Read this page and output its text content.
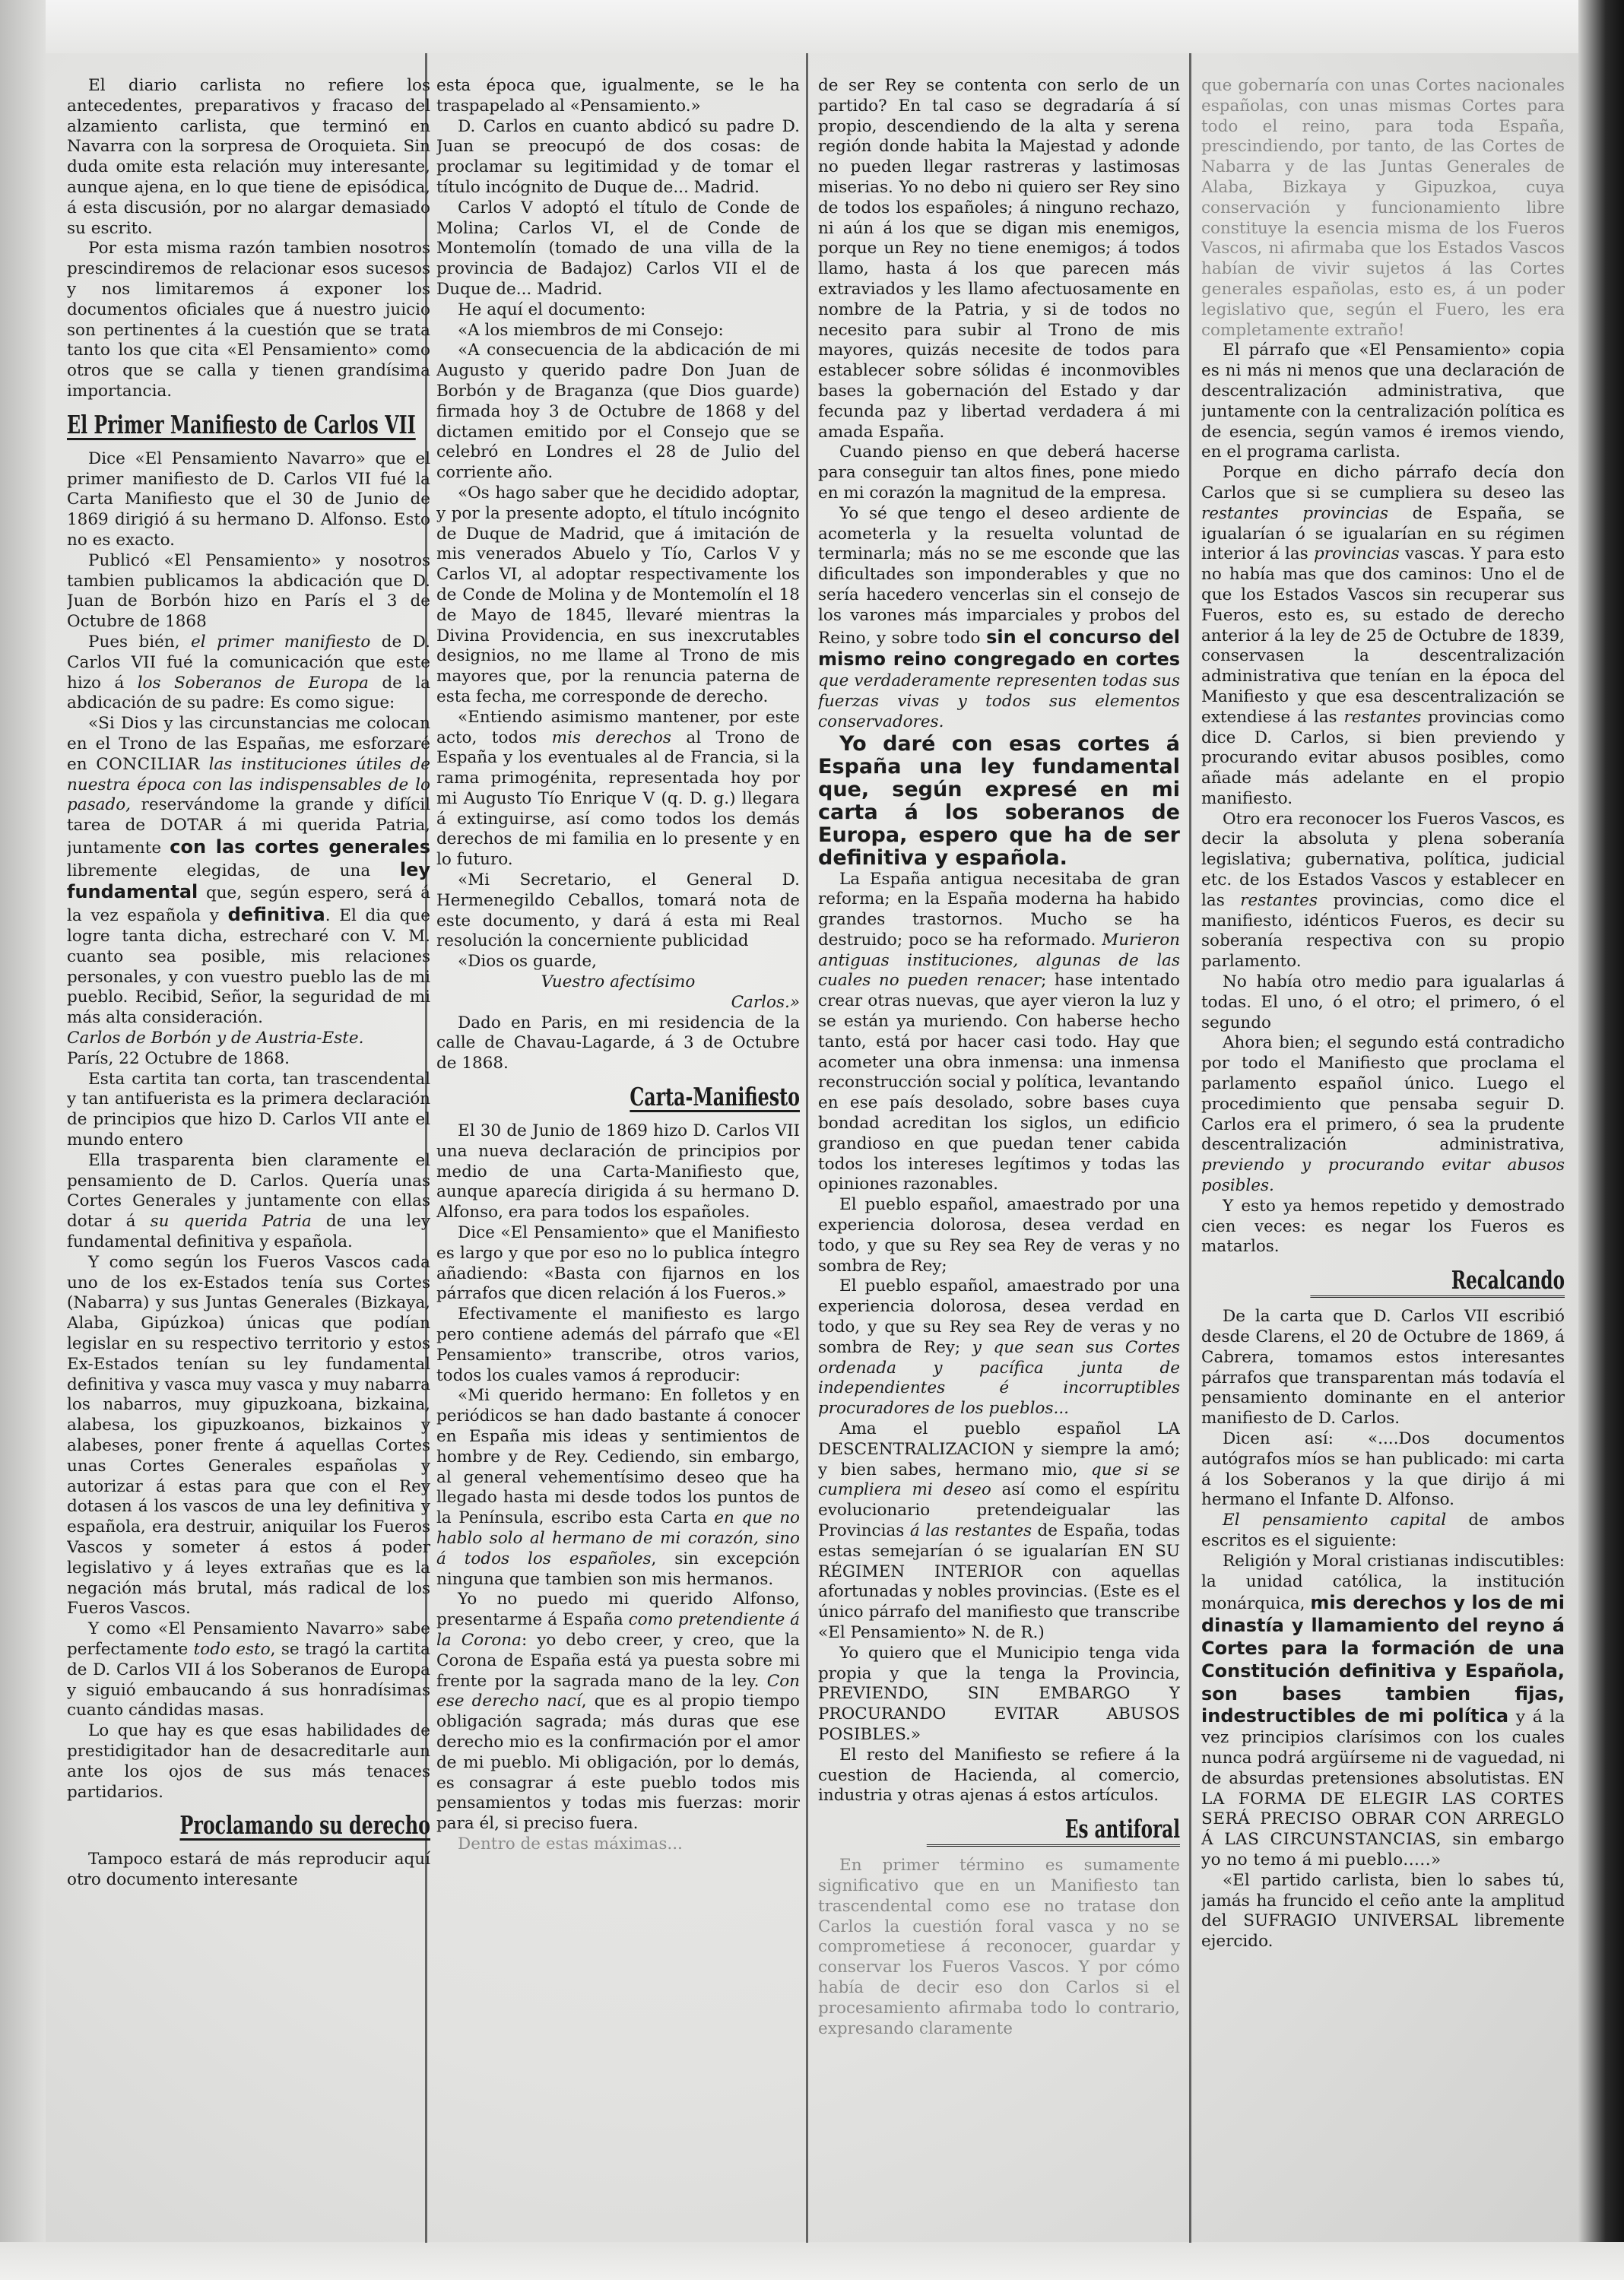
El diario carlista no refiere los antecedentes, preparativos y fracaso del alzamiento carlista, que terminó en Navarra con la sorpresa de Oroquieta. Sin duda omite esta relación muy interesante, aunque ajena, en lo que tiene de episódica, á esta discusión, por no alargar demasiado su escrito.

Por esta misma razón tambien nosotros prescindiremos de relacionar esos sucesos y nos limitaremos á exponer los documentos oficiales que á nuestro juicio son pertinentes á la cuestión que se trata tanto los que cita «El Pensamiento» como otros que se calla y tienen grandísima importancia.

El Primer Manifiesto de Carlos VII

Dice «El Pensamiento Navarro» que el primer manifiesto de D. Carlos VII fué la Carta Manifiesto que el 30 de Junio de 1869 dirigió á su hermano D. Alfonso. Esto no es exacto.

Publicó «El Pensamiento» y nosotros tambien publicamos la abdicación que D. Juan de Borbón hizo en París el 3 de Octubre de 1868

Pues bién, el primer manifiesto de D. Carlos VII fué la comunicación que este hizo á los Soberanos de Europa de la abdicación de su padre: Es como sigue:

«Si Dios y las circunstancias me colocan en el Trono de las Españas, me esforzaré en CONCILIAR las instituciones útiles de nuestra época con las indispensables de lo pasado, reservándome la grande y difícil tarea de DOTAR á mi querida Patria, juntamente con las cortes generales libremente elegidas, de una ley fundamental que, según espero, será á la vez española y definitiva. El dia que logre tanta dicha, estrecharé con V. M. cuanto sea posible, mis relaciones personales, y con vuestro pueblo las de mi pueblo. Recibid, Señor, la seguridad de mi más alta consideración.

Carlos de Borbón y de Austria-Este.

París, 22 Octubre de 1868.

Esta cartita tan corta, tan trascendental y tan antifuerista es la primera declaración de principios que hizo D. Carlos VII ante el mundo entero

Ella trasparenta bien claramente el pensamiento de D. Carlos. Quería unas Cortes Generales y juntamente con ellas dotar á su querida Patria de una ley fundamental definitiva y española.

Y como según los Fueros Vascos cada uno de los ex-Estados tenía sus Cortes (Nabarra) y sus Juntas Generales (Bizkaya, Alaba, Gipúzkoa) únicas que podían legislar en su respectivo territorio y estos Ex-Estados tenían su ley fundamental definitiva y vasca muy vasca y muy nabarra los nabarros, muy gipuzkoana, bizkaina, alabesa, los gipuzkoanos, bizkainos y alabeses, poner frente á aquellas Cortes unas Cortes Generales españolas y autorizar á estas para que con el Rey dotasen á los vascos de una ley definitiva y española, era destruir, aniquilar los Fueros Vascos y someter á estos á poder legislativo y á leyes extrañas que es la negación más brutal, más radical de los Fueros Vascos.

Y como «El Pensamiento Navarro» sabe perfectamente todo esto, se tragó la cartita de D. Carlos VII á los Soberanos de Europa y siguió embaucando á sus honradísimas cuanto cándidas masas.

Lo que hay es que esas habilidades de prestidigitador han de desacreditarle aun ante los ojos de sus más tenaces partidarios.

Proclamando su derecho

Tampoco estará de más reproducir aquí otro documento interesante

esta época que, igualmente, se le ha traspapelado al «Pensamiento.»

D. Carlos en cuanto abdicó su padre D. Juan se preocupó de dos cosas: de proclamar su legitimidad y de tomar el título incógnito de Duque de... Madrid.

Carlos V adoptó el título de Conde de Molina; Carlos VI, el de Conde de Montemolín (tomado de una villa de la provincia de Badajoz) Carlos VII el de Duque de... Madrid.

He aquí el documento:

«A los miembros de mi Consejo:

«A consecuencia de la abdicación de mi Augusto y querido padre Don Juan de Borbón y de Braganza (que Dios guarde) firmada hoy 3 de Octubre de 1868 y del dictamen emitido por el Consejo que se celebró en Londres el 28 de Julio del corriente año.

«Os hago saber que he decidido adoptar, y por la presente adopto, el título incógnito de Duque de Madrid, que á imitación de mis venerados Abuelo y Tío, Carlos V y Carlos VI, al adoptar respectivamente los de Conde de Molina y de Montemolín el 18 de Mayo de 1845, llevaré mientras la Divina Providencia, en sus inexcrutables designios, no me llame al Trono de mis mayores que, por la renuncia paterna de esta fecha, me corresponde de derecho.

«Entiendo asimismo mantener, por este acto, todos mis derechos al Trono de España y los eventuales al de Francia, si la rama primogénita, representada hoy por mi Augusto Tío Enrique V (q. D. g.) llegara á extinguirse, así como todos los demás derechos de mi familia en lo presente y en lo futuro.

«Mi Secretario, el General D. Hermenegildo Ceballos, tomará nota de este documento, y dará á esta mi Real resolución la concerniente publicidad

«Dios os guarde,

Vuestro afectísimo

Carlos.»

Dado en Paris, en mi residencia de la calle de Chavau-Lagarde, á 3 de Octubre de 1868.

Carta-Manifiesto

El 30 de Junio de 1869 hizo D. Carlos VII una nueva declaración de principios por medio de una Carta-Manifiesto que, aunque aparecía dirigida á su hermano D. Alfonso, era para todos los españoles.

Dice «El Pensamiento» que el Manifiesto es largo y que por eso no lo publica íntegro añadiendo: «Basta con fijarnos en los párrafos que dicen relación á los Fueros.»

Efectivamente el manifiesto es largo pero contiene además del párrafo que «El Pensamiento» transcribe, otros varios, todos los cuales vamos á reproducir:

«Mi querido hermano: En folletos y en periódicos se han dado bastante á conocer en España mis ideas y sentimientos de hombre y de Rey. Cediendo, sin embargo, al general vehementísimo deseo que ha llegado hasta mi desde todos los puntos de la Península, escribo esta Carta en que no hablo solo al hermano de mi corazón, sino á todos los españoles, sin excepción ninguna que tambien son mis hermanos.

Yo no puedo mi querido Alfonso, presentarme á España como pretendiente á la Corona: yo debo creer, y creo, que la Corona de España está ya puesta sobre mi frente por la sagrada mano de la ley. Con ese derecho nací, que es al propio tiempo obligación sagrada; más duras que ese derecho mio es la confirmación por el amor de mi pueblo. Mi obligación, por lo demás, es consagrar á este pueblo todos mis pensamientos y todas mis fuerzas: morir para él, si preciso fuera.

Dentro de estas máximas...

de ser Rey se contenta con serlo de un partido? En tal caso se degradaría á sí propio, descendiendo de la alta y serena región donde habita la Majestad y adonde no pueden llegar rastreras y lastimosas miserias. Yo no debo ni quiero ser Rey sino de todos los españoles; á ninguno rechazo, ni aún á los que se digan mis enemigos, porque un Rey no tiene enemigos; á todos llamo, hasta á los que parecen más extraviados y les llamo afectuosamente en nombre de la Patria, y si de todos no necesito para subir al Trono de mis mayores, quizás necesite de todos para establecer sobre sólidas é inconmovibles bases la gobernación del Estado y dar fecunda paz y libertad verdadera á mi amada España.

Cuando pienso en que deberá hacerse para conseguir tan altos fines, pone miedo en mi corazón la magnitud de la empresa.

Yo sé que tengo el deseo ardiente de acometerla y la resuelta voluntad de terminarla; más no se me esconde que las dificultades son imponderables y que no sería hacedero vencerlas sin el consejo de los varones más imparciales y probos del Reino, y sobre todo sin el concurso del mismo reino congregado en cortes que verdaderamente representen todas sus fuerzas vivas y todos sus elementos conservadores.

Yo daré con esas cortes á España una ley fundamental que, según expresé en mi carta á los soberanos de Europa, espero que ha de ser definitiva y española.

La España antigua necesitaba de gran reforma; en la España moderna ha habido grandes trastornos. Mucho se ha destruido; poco se ha reformado. Murieron antiguas instituciones, algunas de las cuales no pueden renacer; hase intentado crear otras nuevas, que ayer vieron la luz y se están ya muriendo. Con haberse hecho tanto, está por hacer casi todo. Hay que acometer una obra inmensa: una inmensa reconstrucción social y política, levantando en ese país desolado, sobre bases cuya bondad acreditan los siglos, un edificio grandioso en que puedan tener cabida todos los intereses legítimos y todas las opiniones razonables.

El pueblo español, amaestrado por una experiencia dolorosa, desea verdad en todo, y que su Rey sea Rey de veras y no sombra de Rey;

El pueblo español, amaestrado por una experiencia dolorosa, desea verdad en todo, y que su Rey sea Rey de veras y no sombra de Rey; y que sean sus Cortes ordenada y pacífica junta de independientes é incorruptibles procuradores de los pueblos...

Ama el pueblo español LA DESCENTRALIZACION y siempre la amó; y bien sabes, hermano mio, que si se cumpliera mi deseo así como el espíritu evolucionario pretendeigualar las Provincias á las restantes de España, todas estas semejarían ó se igualarían EN SU RÉGIMEN INTERIOR con aquellas afortunadas y nobles provincias. (Este es el único párrafo del manifiesto que transcribe «El Pensamiento» N. de R.)

Yo quiero que el Municipio tenga vida propia y que la tenga la Provincia, PREVIENDO, SIN EMBARGO Y PROCURANDO EVITAR ABUSOS POSIBLES.»

El resto del Manifiesto se refiere á la cuestion de Hacienda, al comercio, industria y otras ajenas á estos artículos.

Es antiforal

En primer término es sumamente significativo que en un Manifiesto tan trascendental como ese no tratase don Carlos la cuestión foral vasca y no se comprometiese á reconocer, guardar y conservar los Fueros Vascos. Y por cómo había de decir eso don Carlos si el procesamiento afirmaba todo lo contrario, expresando claramente

que gobernaría con unas Cortes nacionales españolas, con unas mismas Cortes para todo el reino, para toda España, prescindiendo, por tanto, de las Cortes de Nabarra y de las Juntas Generales de Alaba, Bizkaya y Gipuzkoa, cuya conservación y funcionamiento libre constituye la esencia misma de los Fueros Vascos, ni afirmaba que los Estados Vascos habían de vivir sujetos á las Cortes generales españolas, esto es, á un poder legislativo que, según el Fuero, les era completamente extraño!

El párrafo que «El Pensamiento» copia es ni más ni menos que una declaración de descentralización administrativa, que juntamente con la centralización política es de esencia, según vamos é iremos viendo, en el programa carlista.

Porque en dicho párrafo decía don Carlos que si se cumpliera su deseo las restantes provincias de España, se igualarían ó se igualarían en su régimen interior á las provincias vascas. Y para esto no había mas que dos caminos: Uno el de que los Estados Vascos sin recuperar sus Fueros, esto es, su estado de derecho anterior á la ley de 25 de Octubre de 1839, conservasen la descentralización administrativa que tenían en la época del Manifiesto y que esa descentralización se extendiese á las restantes provincias como dice D. Carlos, si bien previendo y procurando evitar abusos posibles, como añade más adelante en el propio manifiesto.

Otro era reconocer los Fueros Vascos, es decir la absoluta y plena soberanía legislativa; gubernativa, política, judicial etc. de los Estados Vascos y establecer en las restantes provincias, como dice el manifiesto, idénticos Fueros, es decir su soberanía respectiva con su propio parlamento.

No había otro medio para igualarlas á todas. El uno, ó el otro; el primero, ó el segundo

Ahora bien; el segundo está contradicho por todo el Manifiesto que proclama el parlamento español único. Luego el procedimiento que pensaba seguir D. Carlos era el primero, ó sea la prudente descentralización administrativa, previendo y procurando evitar abusos posibles.

Y esto ya hemos repetido y demostrado cien veces: es negar los Fueros es matarlos.

Recalcando

De la carta que D. Carlos VII escribió desde Clarens, el 20 de Octubre de 1869, á Cabrera, tomamos estos interesantes párrafos que transparentan más todavía el pensamiento dominante en el anterior manifiesto de D. Carlos.

Dicen así: «....Dos documentos autógrafos míos se han publicado: mi carta á los Soberanos y la que dirijo á mi hermano el Infante D. Alfonso.

El pensamiento capital de ambos escritos es el siguiente:

Religión y Moral cristianas indiscutibles: la unidad católica, la institución monárquica, mis derechos y los de mi dinastía y llamamiento del reyno á Cortes para la formación de una Constitución definitiva y Española, son bases tambien fijas, indestructibles de mi política y á la vez principios clarísimos con los cuales nunca podrá argüírseme ni de vaguedad, ni de absurdas pretensiones absolutistas. EN LA FORMA DE ELEGIR LAS CORTES SERÁ PRECISO OBRAR CON ARREGLO Á LAS CIRCUNSTANCIAS, sin embargo yo no temo á mi pueblo.....»

«El partido carlista, bien lo sabes tú, jamás ha fruncido el ceño ante la amplitud del SUFRAGIO UNIVERSAL libremente ejercido.
